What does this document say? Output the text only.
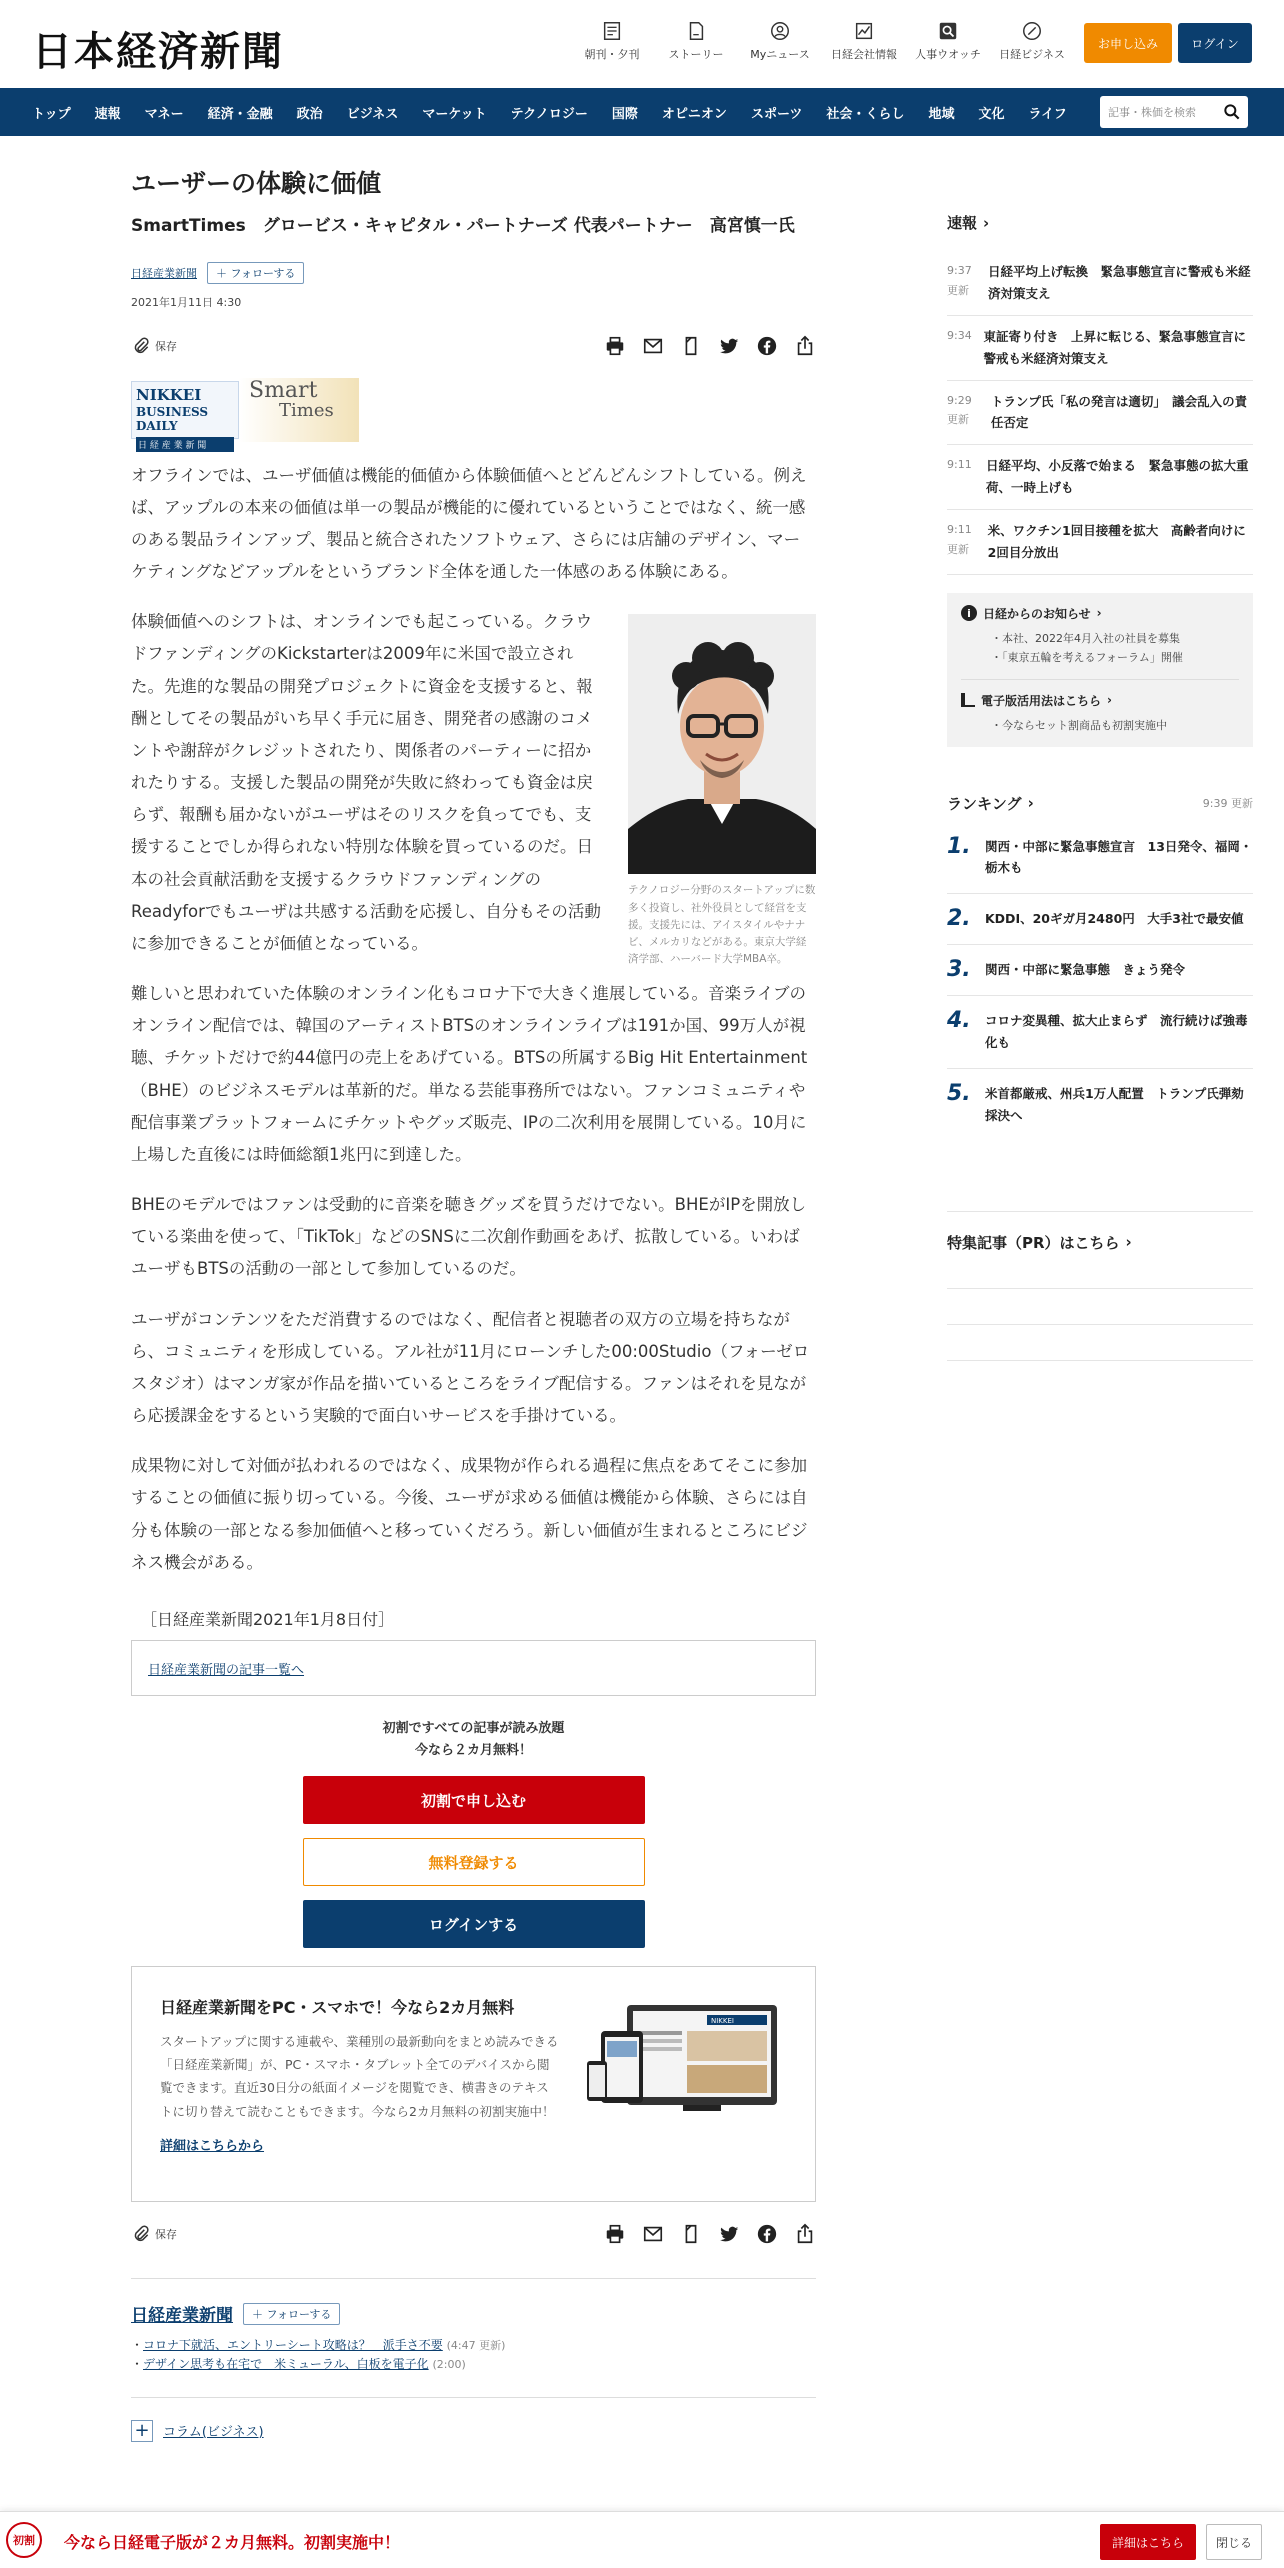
日本経済新聞	朝刊・夕刊	ストーリー	Myニュース	日経会社情報	人事ウオッチ	日経ビジネス
お申し込み	ログイン
トップ	速報	マネー	経済・金融	政治	ビジネス	マーケット	テクノロジー	国際	オピニオン	スポーツ	社会・くらし	地域	文化	ライフ	記事・株価を検索
ユーザーの体験に価値
SmartTimes　グロービス・キャピタル・パートナーズ 代表パートナー　高宮慎一氏
日経産業新聞	＋ フォローする
2021年1月11日 4:30
保存
NIKKEI
BUSINESS DAILY
日 経 産 業 新 聞
Smart
Times

オフラインでは、ユーザ価値は機能的価値から体験価値へとどんどんシフトしている。例えば、アップルの本来の価値は単一の製品が機能的に優れているということではなく、統一感のある製品ラインアップ、製品と統合されたソフトウェア、さらには店舗のデザイン、マーケティングなどアップルをというブランド全体を通した一体感のある体験にある。

テクノロジー分野のスタートアップに数多く投資し、社外役員として経営を支援。支援先には、アイスタイルやナナビ、メルカリなどがある。東京大学経済学部、ハーバード大学MBA卒。

体験価値へのシフトは、オンラインでも起こっている。クラウドファンディングのKickstarterは2009年に米国で設立された。先進的な製品の開発プロジェクトに資金を支援すると、報酬としてその製品がいち早く手元に届き、開発者の感謝のコメントや謝辞がクレジットされたり、関係者のパーティーに招かれたりする。支援した製品の開発が失敗に終わっても資金は戻らず、報酬も届かないがユーザはそのリスクを負ってでも、支援することでしか得られない特別な体験を買っているのだ。日本の社会貢献活動を支援するクラウドファンディングのReadyforでもユーザは共感する活動を応援し、自分もその活動に参加できることが価値となっている。

難しいと思われていた体験のオンライン化もコロナ下で大きく進展している。音楽ライブのオンライン配信では、韓国のアーティストBTSのオンラインライブは191か国、99万人が視聴、チケットだけで約44億円の売上をあげている。BTSの所属するBig Hit Entertainment（BHE）のビジネスモデルは革新的だ。単なる芸能事務所ではない。ファンコミュニティや配信事業プラットフォームにチケットやグッズ販売、IPの二次利用を展開している。10月に上場した直後には時価総額1兆円に到達した。

BHEのモデルではファンは受動的に音楽を聴きグッズを買うだけでない。BHEがIPを開放している楽曲を使って、「TikTok」などのSNSに二次創作動画をあげ、拡散している。いわばユーザもBTSの活動の一部として参加しているのだ。

ユーザがコンテンツをただ消費するのではなく、配信者と視聴者の双方の立場を持ちながら、コミュニティを形成している。アル社が11月にローンチした00:00Studio（フォーゼロスタジオ）はマンガ家が作品を描いているところをライブ配信する。ファンはそれを見ながら応援課金をするという実験的で面白いサービスを手掛けている。

成果物に対して対価が払われるのではなく、成果物が作られる過程に焦点をあてそこに参加することの価値に振り切っている。今後、ユーザが求める価値は機能から体験、さらには自分も体験の一部となる参加価値へと移っていくだろう。新しい価値が生まれるところにビジネス機会がある。

［日経産業新聞2021年1月8日付］
日経産業新聞の記事一覧へ
初割ですべての記事が読み放題
今なら２カ月無料！
初割で申し込む
無料登録する
ログインする
日経産業新聞をPC・スマホで！今なら2カ月無料
スタートアップに関する連載や、業種別の最新動向をまとめ読みできる「日経産業新聞」が、PC・スマホ・タブレット全てのデバイスから閲覧できます。直近30日分の紙面イメージを閲覧でき、横書きのテキストに切り替えて読むこともできます。今なら2カ月無料の初割実施中！
詳細はこちらから
NIKKEI
保存
日経産業新聞	＋ フォローする
・コロナ下就活、エントリーシート攻略は？　派手さ不要 (4:47 更新)
・デザイン思考も在宅で　米ミューラル、白板を電子化 (2:00)
+ コラム(ビジネス)
速報 ›
9:37更新
日経平均上げ転換　緊急事態宣言に警戒も米経済対策支え
9:34 東証寄り付き　上昇に転じる、緊急事態宣言に警戒も米経済対策支え
9:29更新
トランプ氏「私の発言は適切」　議会乱入の責任否定
9:11	日経平均、小反落で始まる　緊急事態の拡大重荷、一時上げも
9:11更新
米、ワクチン1回目接種を拡大　高齢者向けに2回目分放出
i	日経からのお知らせ ›
・本社、2022年4月入社の社員を募集
・「東京五輪を考えるフォーラム」開催
電子版活用法はこちら ›
・今ならセット割商品も初割実施中
ランキング ›	9:39 更新
1. 関西・中部に緊急事態宣言　13日発令、福岡・栃木も
2. KDDI、20ギガ月2480円　大手3社で最安値
3. 関西・中部に緊急事態　きょう発令
4. コロナ変異種、拡大止まらず　流行続けば強毒化も
5. 米首都厳戒、州兵1万人配置　トランプ氏弾劾採決へ
特集記事（PR）はこちら ›
初割	今なら日経電子版が２カ月無料。初割実施中！	詳細はこちら	閉じる
